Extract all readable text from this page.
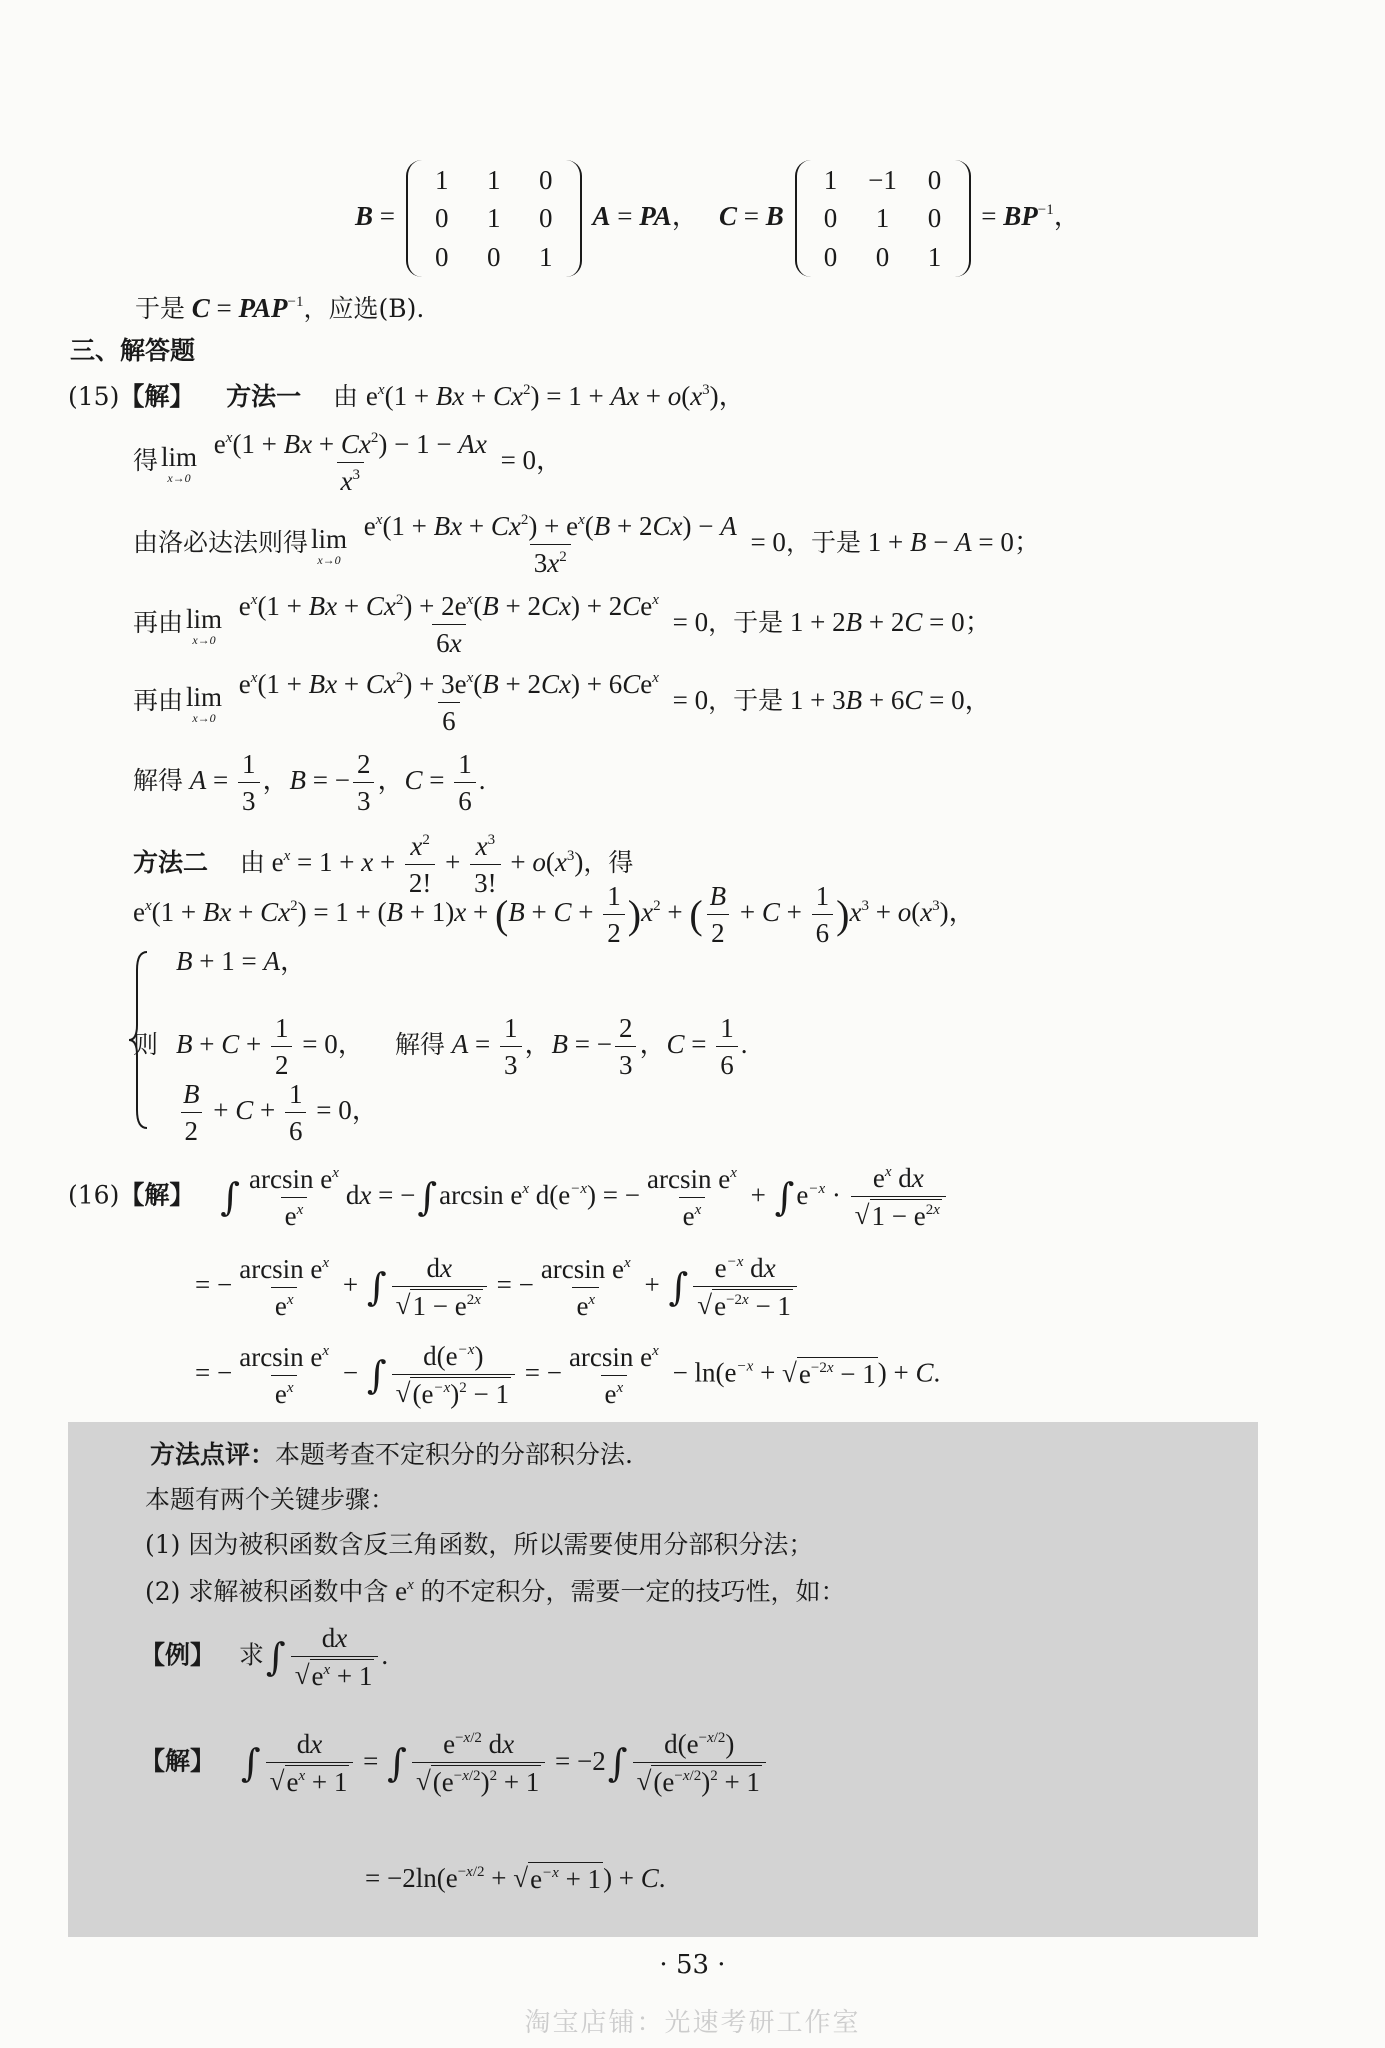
B =
1	1	0
0	1	0
0	0	1
A = PA，   C = B
1	−1	0
0	1	0
0	0	1
= $BP^{-1}$，
于是 $C = PAP^{-1}$，应选(B).
三、解答题
(15)【解】 方法一 由 $e^x(1 + Bx + Cx^2) = 1 + Ax + o(x^3)$，
得 lim
x→0
$\frac{e^x(1 + Bx + Cx^2) - 1 - Ax}{x^3} = 0$，
由洛必达法则得 lim
x→0
$\frac{e^x(1 + Bx + Cx^2) + e^x(B + 2Cx) - A}{3x^2} = 0$，于是 1 + B − A = 0；
再由 lim
x→0
$\frac{e^x(1 + Bx + Cx^2) + 2e^x(B + 2Cx) + 2Ce^x}{6x} = 0$，于是 1 + 2B + 2C = 0；
再由 lim
x→0
$\frac{e^x(1 + Bx + Cx^2) + 3e^x(B + 2Cx) + 6Ce^x}{6} = 0$，于是 1 + 3B + 6C = 0，
解得 $A = \frac{1}{3}$ ，B = − $\frac{2}{3}$ ，$C = \frac{1}{6}$ .
方法二 由 $e^x = 1 + x + \frac{x^2}{2!} + \frac{x^3}{3!} + o(x^3)$，得
$e^x(1 + Bx + Cx^2) = 1 + (B + 1)x + (B + C + \frac{1}{2} )x^2$ + ( $\frac{B}{2} + C + \frac{1}{6} )x^3 + o(x^3)$，
则
B + 1 = A，
$B + C + \frac{1}{2} = 0$， 解得 $A = \frac{1}{3}$ ，B = − $\frac{2}{3}$ ，$C = \frac{1}{6}$ .
$\frac{B}{2} + C + \frac{1}{6} = 0$，
(16)【解】 ∫ $\frac{\arcsin e^x}{e^x}$ dx = −∫arcsin $e^x$ $d(e^{-x})$ = − $\frac{\arcsin e^x}{e^x} + \int e^{-x} \cdot \frac{e^x dx}{√ 1 - e^{2x}}$
= − $\frac{\arcsin e^x}{e^x}$ + ∫ $\frac{dx}{√ 1 - e^{2x}}$ = − $\frac{\arcsin e^x}{e^x}$ + ∫ $\frac{e^{-x} dx}{√ e^{-2x} - 1}$
= − $\frac{\arcsin e^x}{e^x}$ − ∫ $\frac{d(e^{-x})}{√ (e^{-x})^2 - 1}$ = − $\frac{\arcsin e^x}{e^x} - \ln(e^{-x}$ + √ $e^{-2x} - 1$ ) + C.
方法点评：本题考查不定积分的分部积分法.
本题有两个关键步骤：
(1) 因为被积函数含反三角函数，所以需要使用分部积分法；
(2) 求解被积函数中含 $e^x$ 的不定积分，需要一定的技巧性，如：
【例】 求∫ $\frac{dx}{√ e^x + 1}$ .
【解】 ∫ $\frac{dx}{√ e^x + 1}$ = ∫ $\frac{e^{-x/2} dx}{√ (e^{-x/2})^2 + 1} = -2\int \frac{d(e^{-x/2})}{√ (e^{-x/2})^2 + 1}$
= $-2\ln(e^{-x/2}$ + √ $e^{-x} + 1$ ) + C.
· 53 ·
淘宝店铺：光速考研工作室
